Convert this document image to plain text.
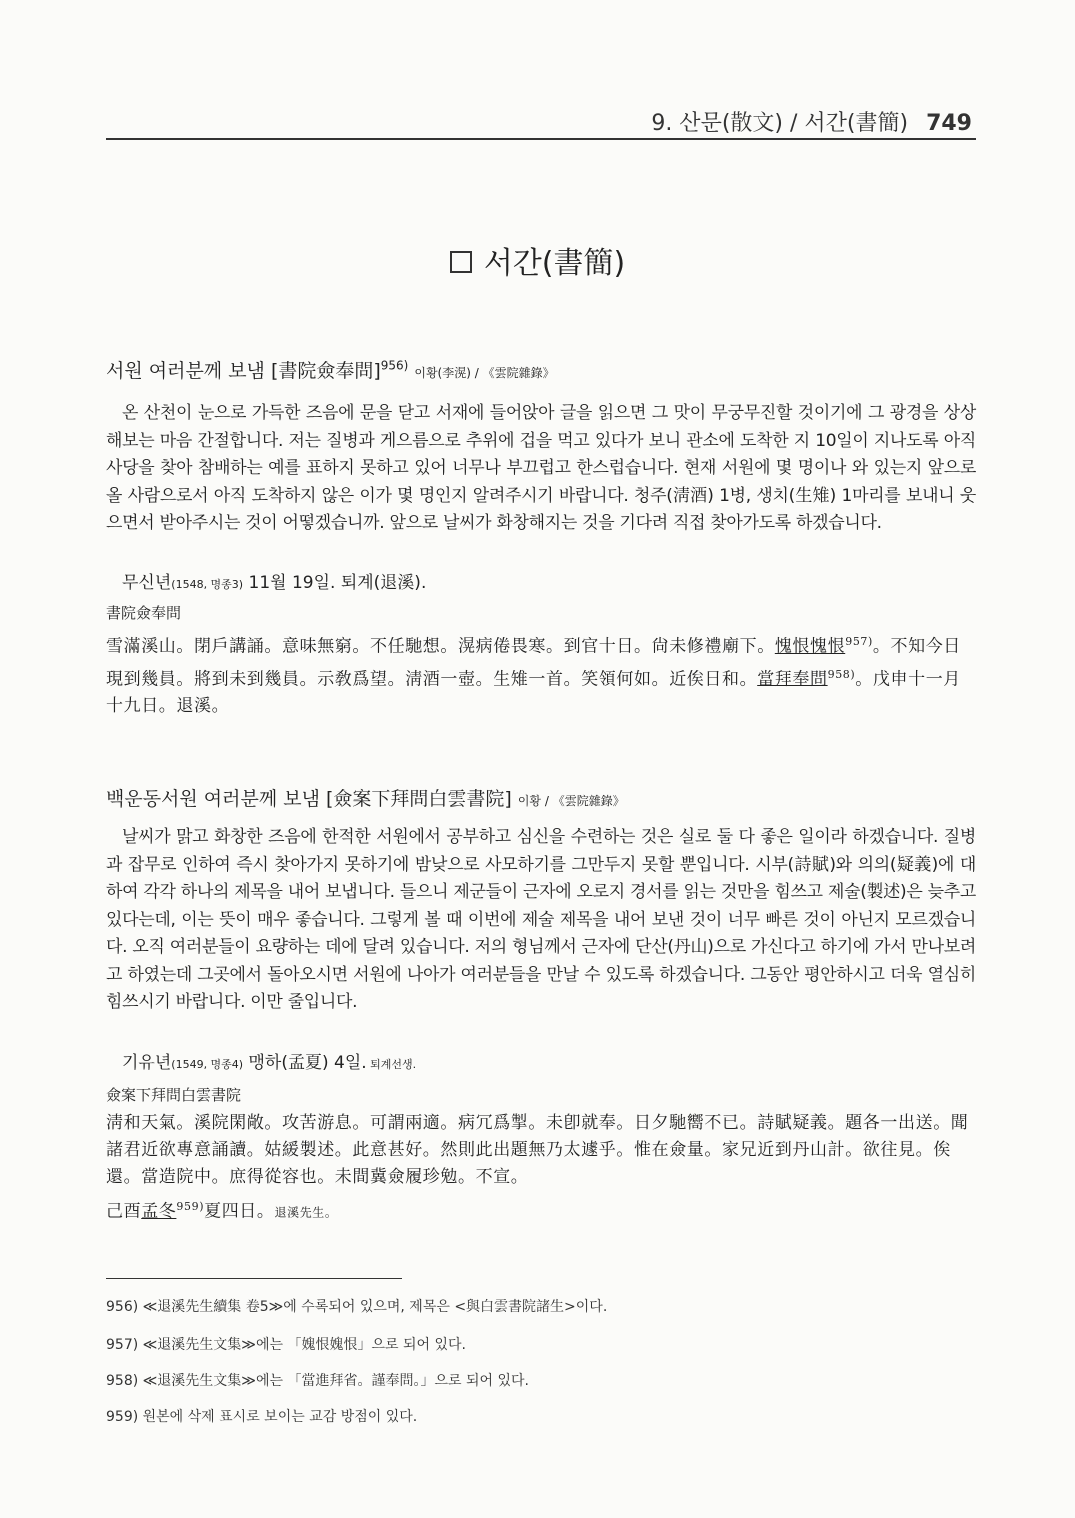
9. 산문(散文) / 서간(書簡) 749
서간(書簡)
서원 여러분께 보냄 [書院僉奉問]$^{956)}$이황(李滉) / 《雲院雜錄》
온 산천이 눈으로 가득한 즈음에 문을 닫고 서재에 들어앉아 글을 읽으면 그 맛이 무궁무진할 것이기에 그 광경을 상상해보는 마음 간절합니다. 저는 질병과 게으름으로 추위에 겁을 먹고 있다가 보니 관소에 도착한 지 10일이 지나도록 아직 사당을 찾아 참배하는 예를 표하지 못하고 있어 너무나 부끄럽고 한스럽습니다. 현재 서원에 몇 명이나 와 있는지 앞으로 올 사람으로서 아직 도착하지 않은 이가 몇 명인지 알려주시기 바랍니다. 청주(淸酒) 1병, 생치(生雉) 1마리를 보내니 웃으면서 받아주시는 것이 어떻겠습니까. 앞으로 날씨가 화창해지는 것을 기다려 직접 찾아가도록 하겠습니다.
무신년(1548, 명종3) 11월 19일. 퇴계(退溪).
書院僉奉問
雪滿溪山。閉戶講誦。意味無窮。不任馳想。滉病倦畏寒。到官十日。尙未修禮廟下。愧恨愧恨$^{957)}$。不知今日現到幾員。將到未到幾員。示敎爲望。淸酒一壺。生雉一首。笑領何如。近俟日和。當拜奉問$^{958)}$。戊申十一月十九日。退溪。
백운동서원 여러분께 보냄 [僉案下拜問白雲書院] 이황 / 《雲院雜錄》
날씨가 맑고 화창한 즈음에 한적한 서원에서 공부하고 심신을 수련하는 것은 실로 둘 다 좋은 일이라 하겠습니다. 질병과 잡무로 인하여 즉시 찾아가지 못하기에 밤낮으로 사모하기를 그만두지 못할 뿐입니다. 시부(詩賦)와 의의(疑義)에 대하여 각각 하나의 제목을 내어 보냅니다. 들으니 제군들이 근자에 오로지 경서를 읽는 것만을 힘쓰고 제술(製述)은 늦추고 있다는데, 이는 뜻이 매우 좋습니다. 그렇게 볼 때 이번에 제술 제목을 내어 보낸 것이 너무 빠른 것이 아닌지 모르겠습니다. 오직 여러분들이 요량하는 데에 달려 있습니다. 저의 형님께서 근자에 단산(丹山)으로 가신다고 하기에 가서 만나보려고 하였는데 그곳에서 돌아오시면 서원에 나아가 여러분들을 만날 수 있도록 하겠습니다. 그동안 평안하시고 더욱 열심히 힘쓰시기 바랍니다. 이만 줄입니다.
기유년(1549, 명종4) 맹하(孟夏) 4일. 퇴계선생.
僉案下拜問白雲書院
淸和天氣。溪院閑敞。攻苦游息。可謂兩適。病冗爲掣。未卽就奉。日夕馳嚮不已。詩賦疑義。題各一出送。聞諸君近欲專意誦讀。姑緩製述。此意甚好。然則此出題無乃太遽乎。惟在僉量。家兄近到丹山計。欲往見。俟還。當造院中。庶得從容也。未間冀僉履珍勉。不宣。
己酉孟冬$^{959)}$夏四日。退溪先生。
956) ≪退溪先生續集 卷5≫에 수록되어 있으며, 제목은 <與白雲書院諸生>이다.
957) ≪退溪先生文集≫에는 「媿恨媿恨」으로 되어 있다.
958) ≪退溪先生文集≫에는 「當進拜省。謹奉問。」으로 되어 있다.
959) 원본에 삭제 표시로 보이는 교감 방점이 있다.
